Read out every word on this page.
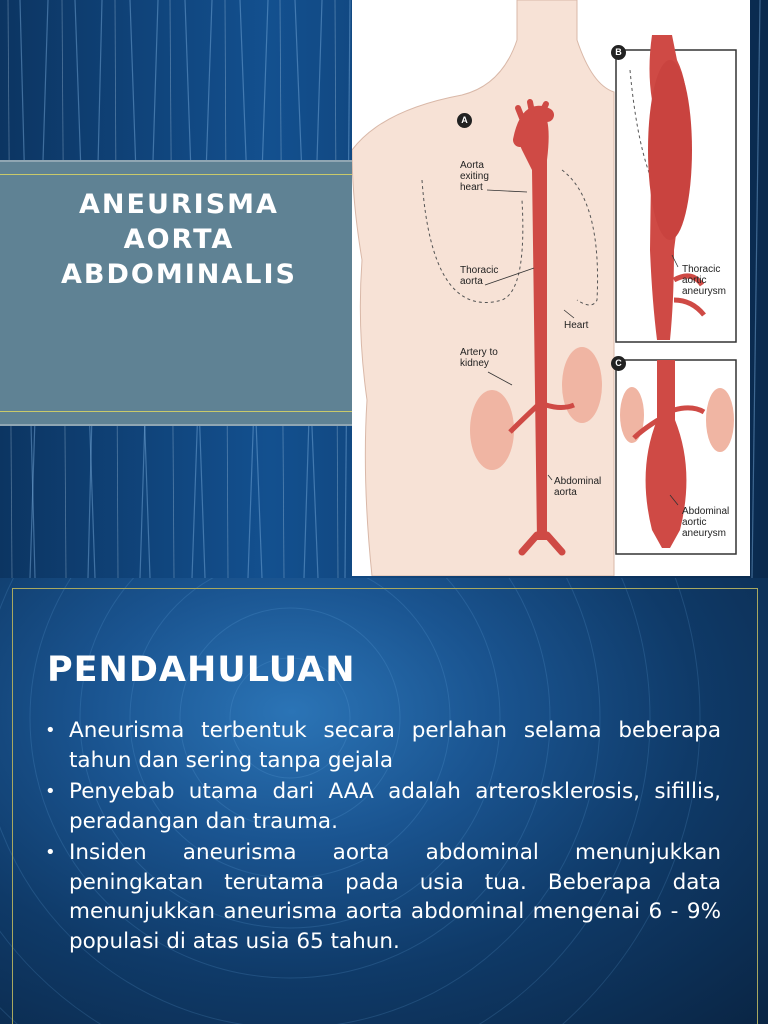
ANEURISMA
AORTA
ABDOMINALIS
A
B
C
Aorta
exiting
heart
Thoracic
aorta
Heart
Artery to
kidney
Abdominal
aorta
Thoracic
aortic
aneurysm
Abdominal
aortic
aneurysm
PENDAHULUAN
• Aneurisma terbentuk secara perlahan selama beberapa tahun dan sering tanpa gejala
• Penyebab utama dari AAA adalah arterosklerosis, sifillis, peradangan dan trauma.
• Insiden aneurisma aorta abdominal menunjukkan peningkatan terutama pada usia tua. Beberapa data menunjukkan aneurisma aorta abdominal mengenai 6 - 9% populasi di atas usia 65 tahun.
